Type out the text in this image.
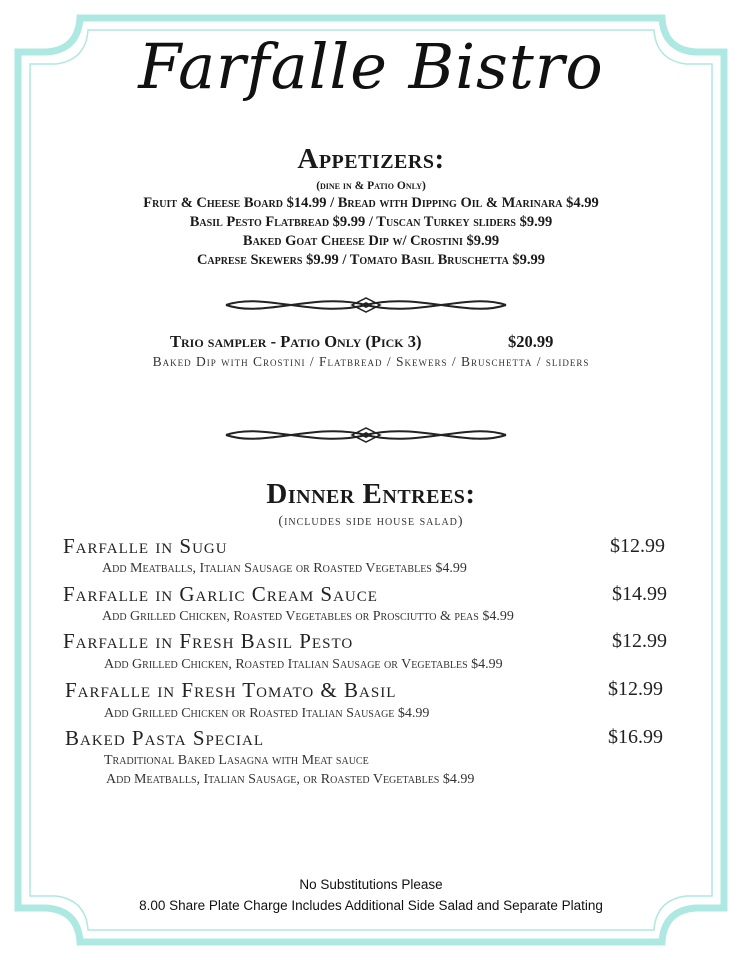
Farfalle Bistro
Appetizers:
(dine in & Patio Only)
Fruit & Cheese Board $14.99 / Bread with Dipping Oil & Marinara $4.99
Basil Pesto Flatbread $9.99 / Tuscan Turkey sliders $9.99
Baked Goat Cheese Dip w/ Crostini $9.99
Caprese Skewers $9.99 / Tomato Basil Bruschetta $9.99
Trio sampler - Patio Only (Pick 3)	$20.99
Baked Dip with Crostini / Flatbread / Skewers / Bruschetta / sliders
Dinner Entrees:
(includes side house salad)
Farfalle in Sugu	$12.99
Add Meatballs, Italian Sausage or Roasted Vegetables $4.99
Farfalle in Garlic Cream Sauce	$14.99
Add Grilled Chicken, Roasted Vegetables or Prosciutto & peas $4.99
Farfalle in Fresh Basil Pesto	$12.99
Add Grilled Chicken, Roasted Italian Sausage or Vegetables $4.99
Farfalle in Fresh Tomato & Basil	$12.99
Add Grilled Chicken or Roasted Italian Sausage $4.99
Baked Pasta Special	$16.99
Traditional Baked Lasagna with Meat sauce
Add Meatballs, Italian Sausage, or Roasted Vegetables $4.99
No Substitutions Please
8.00 Share Plate Charge Includes Additional Side Salad and Separate Plating
